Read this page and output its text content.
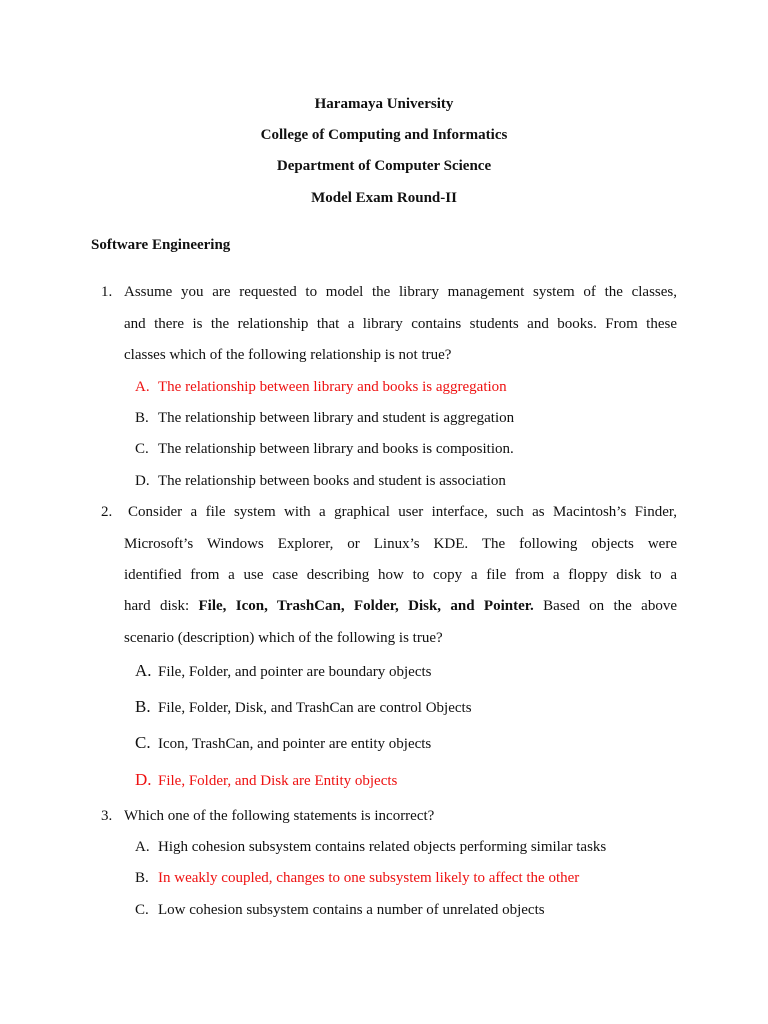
Haramaya University
College of Computing and Informatics
Department of Computer Science
Model Exam Round-II
Software Engineering
1. Assume you are requested to model the library management system of the classes,
and there is the relationship that a library contains students and books. From these
classes which of the following relationship is not true?
A. The relationship between library and books is aggregation
B. The relationship between library and student is aggregation
C. The relationship between library and books is composition.
D. The relationship between books and student is association
2. Consider a file system with a graphical user interface, such as Macintosh’s Finder,
Microsoft’s Windows Explorer, or Linux’s KDE. The following objects were
identified from a use case describing how to copy a file from a floppy disk to a
hard disk: File, Icon, TrashCan, Folder, Disk, and Pointer. Based on the above
scenario (description) which of the following is true?
A. File, Folder, and pointer are boundary objects
B. File, Folder, Disk, and TrashCan are control Objects
C. Icon, TrashCan, and pointer are entity objects
D. File, Folder, and Disk are Entity objects
3. Which one of the following statements is incorrect?
A. High cohesion subsystem contains related objects performing similar tasks
B. In weakly coupled, changes to one subsystem likely to affect the other
C. Low cohesion subsystem contains a number of unrelated objects
